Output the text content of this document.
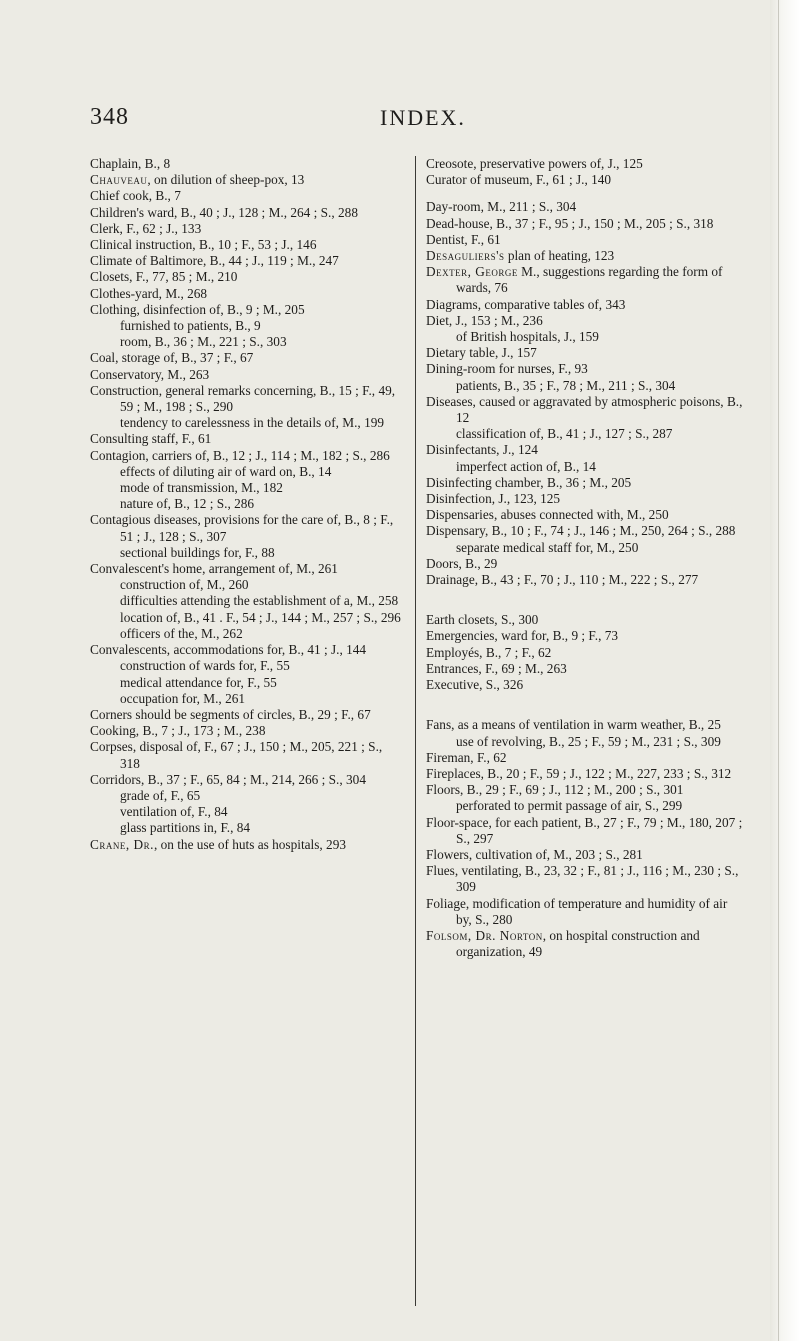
348	INDEX.

Chaplain, B., 8

Chauveau, on dilution of sheep-pox, 13

Chief cook, B., 7

Children's ward, B., 40 ; J., 128 ; M., 264 ; S., 288

Clerk, F., 62 ; J., 133

Clinical instruction, B., 10 ; F., 53 ; J., 146

Climate of Baltimore, B., 44 ; J., 119 ; M., 247

Closets, F., 77, 85 ; M., 210

Clothes-yard, M., 268

Clothing, disinfection of, B., 9 ; M., 205

furnished to patients, B., 9

room, B., 36 ; M., 221 ; S., 303

Coal, storage of, B., 37 ; F., 67

Conservatory, M., 263

Construction, general remarks concerning, B., 15 ; F., 49, 59 ; M., 198 ; S., 290

tendency to carelessness in the details of, M., 199

Consulting staff, F., 61

Contagion, carriers of, B., 12 ; J., 114 ; M., 182 ; S., 286

effects of diluting air of ward on, B., 14

mode of transmission, M., 182

nature of, B., 12 ; S., 286

Contagious diseases, provisions for the care of, B., 8 ; F., 51 ; J., 128 ; S., 307

sectional buildings for, F., 88

Convalescent's home, arrangement of, M., 261

construction of, M., 260

difficulties attending the establishment of a, M., 258

location of, B., 41 . F., 54 ; J., 144 ; M., 257 ; S., 296

officers of the, M., 262

Convalescents, accommodations for, B., 41 ; J., 144

construction of wards for, F., 55

medical attendance for, F., 55

occupation for, M., 261

Corners should be segments of circles, B., 29 ; F., 67

Cooking, B., 7 ; J., 173 ; M., 238

Corpses, disposal of, F., 67 ; J., 150 ; M., 205, 221 ; S., 318

Corridors, B., 37 ; F., 65, 84 ; M., 214, 266 ; S., 304

grade of, F., 65

ventilation of, F., 84

glass partitions in, F., 84

Crane, Dr., on the use of huts as hospitals, 293

Creosote, preservative powers of, J., 125

Curator of museum, F., 61 ; J., 140

Day-room, M., 211 ; S., 304

Dead-house, B., 37 ; F., 95 ; J., 150 ; M., 205 ; S., 318

Dentist, F., 61

Desaguliers's plan of heating, 123

Dexter, George M., suggestions regarding the form of wards, 76

Diagrams, comparative tables of, 343

Diet, J., 153 ; M., 236

of British hospitals, J., 159

Dietary table, J., 157

Dining-room for nurses, F., 93

patients, B., 35 ; F., 78 ; M., 211 ; S., 304

Diseases, caused or aggravated by atmospheric poisons, B., 12

classification of, B., 41 ; J., 127 ; S., 287

Disinfectants, J., 124

imperfect action of, B., 14

Disinfecting chamber, B., 36 ; M., 205

Disinfection, J., 123, 125

Dispensaries, abuses connected with, M., 250

Dispensary, B., 10 ; F., 74 ; J., 146 ; M., 250, 264 ; S., 288

separate medical staff for, M., 250

Doors, B., 29

Drainage, B., 43 ; F., 70 ; J., 110 ; M., 222 ; S., 277

Earth closets, S., 300

Emergencies, ward for, B., 9 ; F., 73

Employés, B., 7 ; F., 62

Entrances, F., 69 ; M., 263

Executive, S., 326

Fans, as a means of ventilation in warm weather, B., 25

use of revolving, B., 25 ; F., 59 ; M., 231 ; S., 309

Fireman, F., 62

Fireplaces, B., 20 ; F., 59 ; J., 122 ; M., 227, 233 ; S., 312

Floors, B., 29 ; F., 69 ; J., 112 ; M., 200 ; S., 301

perforated to permit passage of air, S., 299

Floor-space, for each patient, B., 27 ; F., 79 ; M., 180, 207 ; S., 297

Flowers, cultivation of, M., 203 ; S., 281

Flues, ventilating, B., 23, 32 ; F., 81 ; J., 116 ; M., 230 ; S., 309

Foliage, modification of temperature and humidity of air by, S., 280

Folsom, Dr. Norton, on hospital construction and organization, 49
